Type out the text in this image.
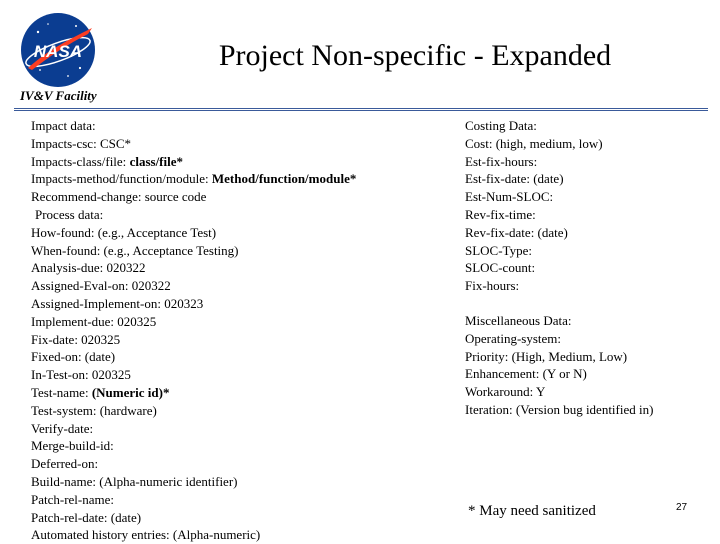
NASA	Project Non-specific - Expanded
IV&V Facility
Impact data:
Impacts-csc: CSC*
Impacts-class/file: class/file*
Impacts-method/function/module: Method/function/module*
Recommend-change: source code
Process data:
How-found: (e.g., Acceptance Test)
When-found: (e.g., Acceptance Testing)
Analysis-due: 020322
Assigned-Eval-on: 020322
Assigned-Implement-on: 020323
Implement-due: 020325
Fix-date: 020325
Fixed-on: (date)
In-Test-on: 020325
Test-name: (Numeric id)*
Test-system: (hardware)
Verify-date:
Merge-build-id:
Deferred-on:
Build-name: (Alpha-numeric identifier)
Patch-rel-name:
Patch-rel-date: (date)
Automated history entries: (Alpha-numeric)
Costing Data:
Cost: (high, medium, low)
Est-fix-hours:
Est-fix-date: (date)
Est-Num-SLOC:
Rev-fix-time:
Rev-fix-date: (date)
SLOC-Type:
SLOC-count:
Fix-hours:
Miscellaneous Data:
Operating-system:
Priority: (High, Medium, Low)
Enhancement: (Y or N)
Workaround: Y
Iteration: (Version bug identified in)
* May need sanitized	27
